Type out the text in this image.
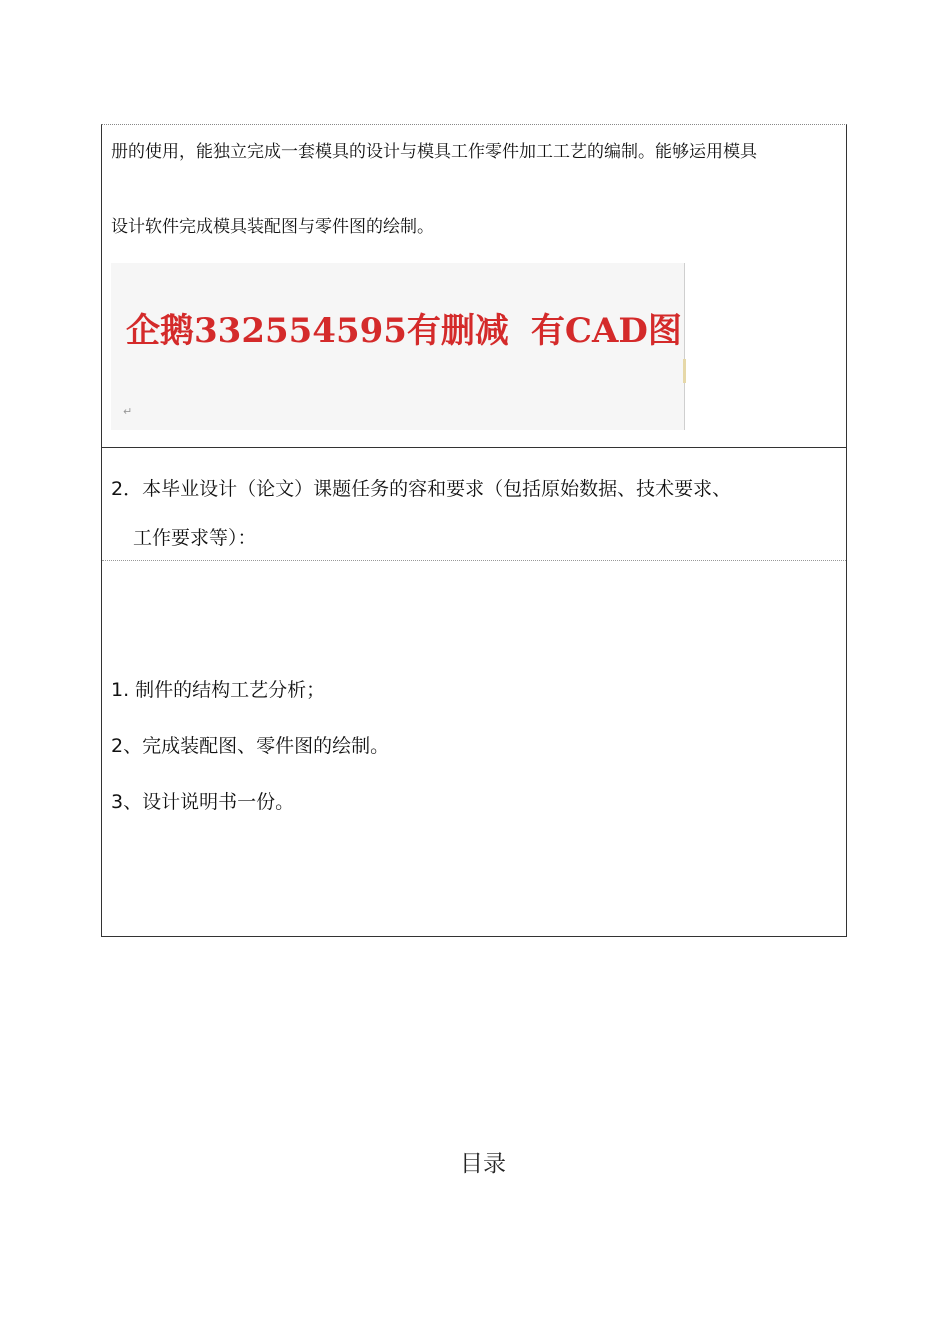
册的使用，能独立完成一套模具的设计与模具工作零件加工工艺的编制。能够运用模具
设计软件完成模具装配图与零件图的绘制。
企鹅332554595有删减 有CAD图
↵
2．本毕业设计（论文）课题任务的容和要求（包括原始数据、技术要求、
工作要求等）：
1. 制件的结构工艺分析；
2、完成装配图、零件图的绘制。
3、设计说明书一份。
目录
